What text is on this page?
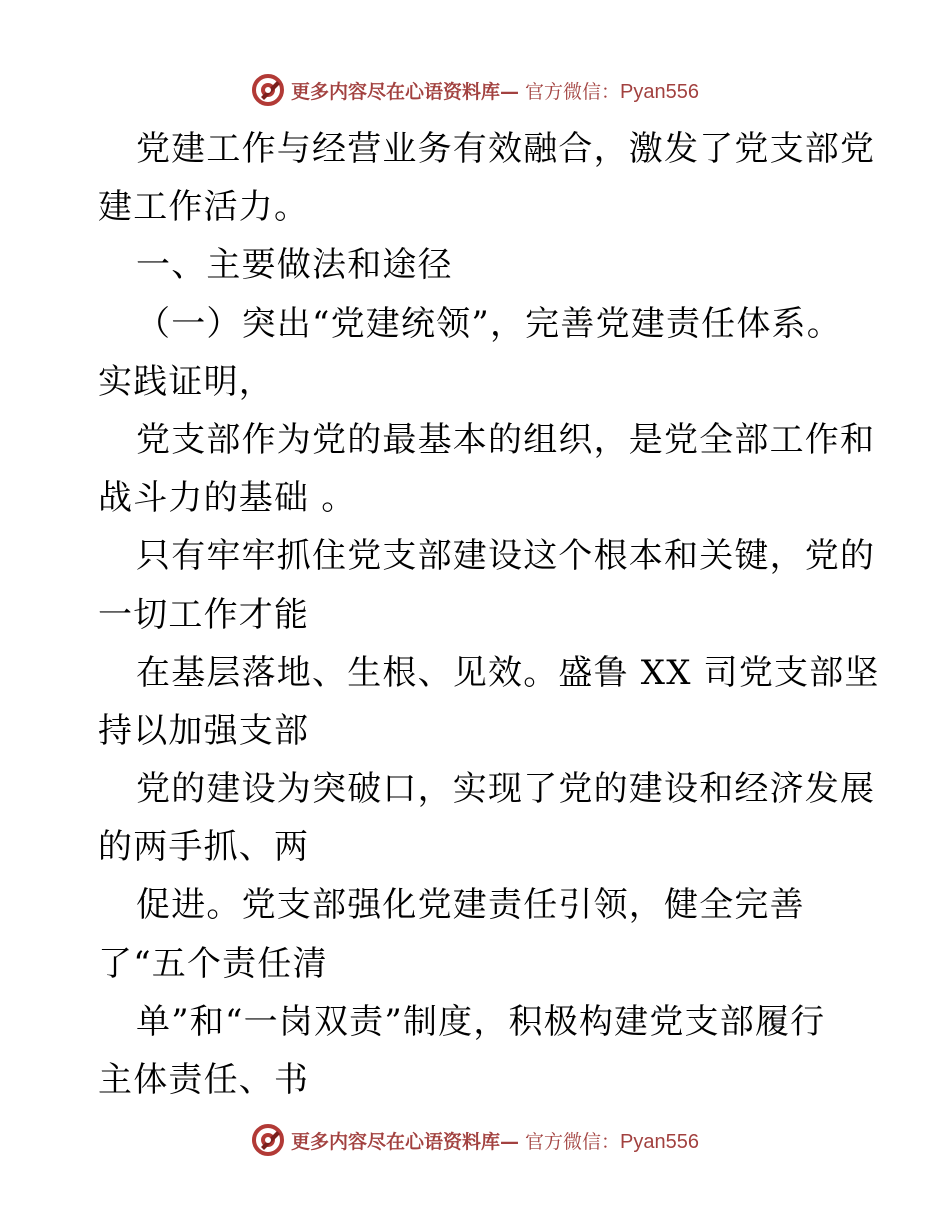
更多内容尽在心语资料库— 官方微信：Pyan556
党建工作与经营业务有效融合，激发了党支部党
建工作活力。
一、主要做法和途径
（一）突出“党建统领”，完善党建责任体系。
实践证明，
党支部作为党的最基本的组织，是党全部工作和
战斗力的基础 。
只有牢牢抓住党支部建设这个根本和关键，党的
一切工作才能
在基层落地、生根、见效。盛鲁 XX 司党支部坚
持以加强支部
党的建设为突破口，实现了党的建设和经济发展
的两手抓、两
促进。党支部强化党建责任引领，健全完善
了“五个责任清
单”和“一岗双责”制度，积极构建党支部履行
主体责任、书
更多内容尽在心语资料库— 官方微信：Pyan556
